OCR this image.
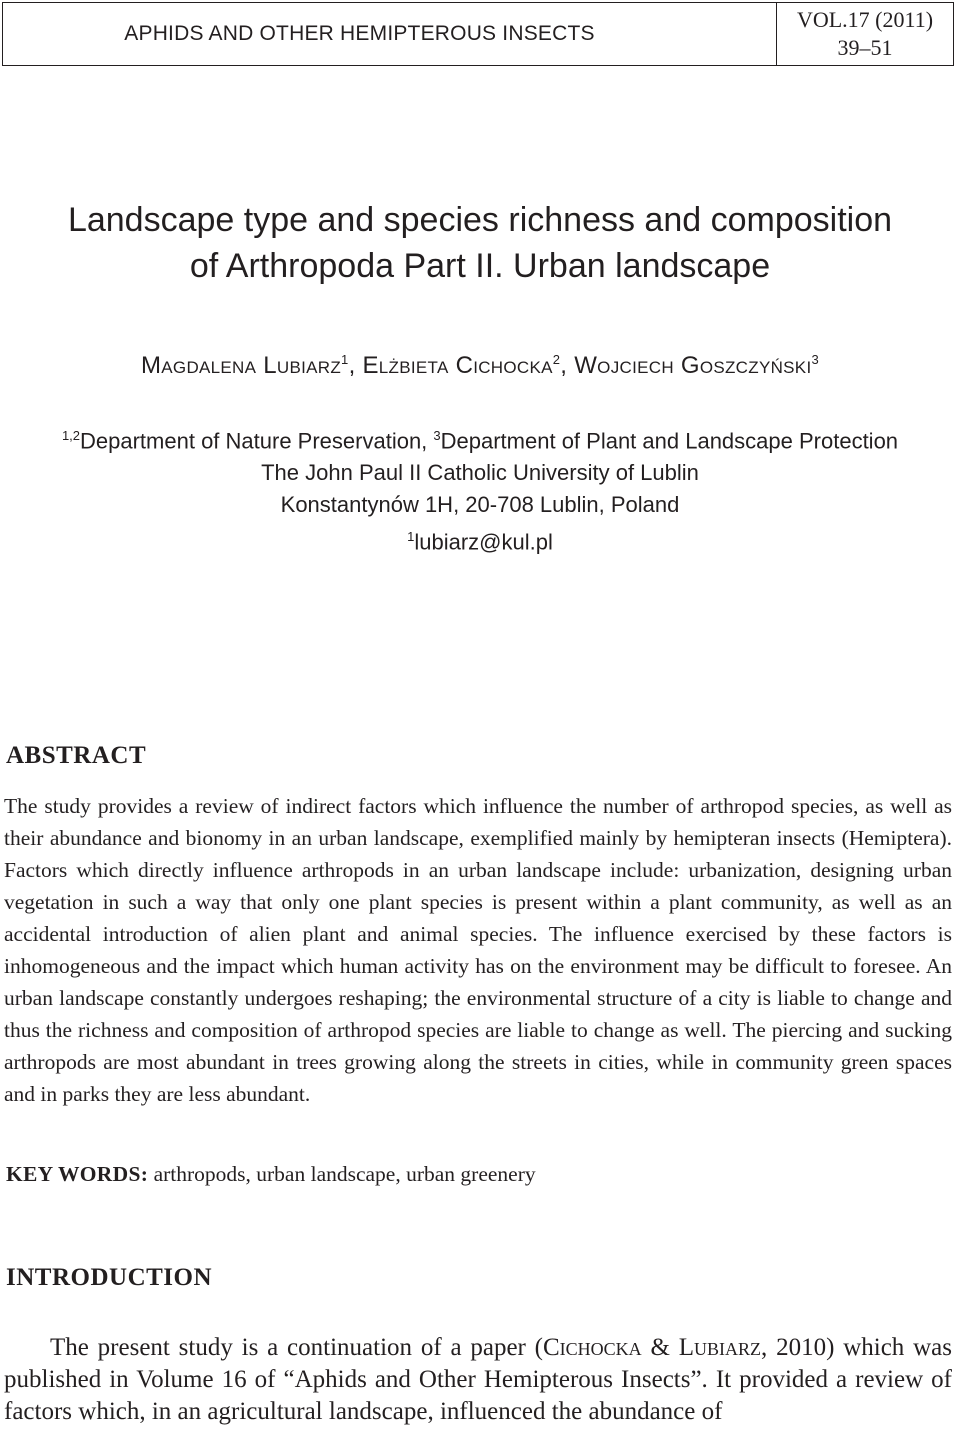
APHIDS AND OTHER HEMIPTEROUS INSECTS
VOL.17 (2011)
39–51
Landscape type and species richness and composition
of Arthropoda Part II. Urban landscape
Magdalena Lubiarz$^1$, Elżbieta Cichocka$^2$, Wojciech Goszczyński$^3$
$^{1,2}$Department of Nature Preservation, $^3$Department of Plant and Landscape Protection
The John Paul II Catholic University of Lublin
Konstantynów 1H, 20-708 Lublin, Poland
$^1$lubiarz@kul.pl
ABSTRACT

The study provides a review of indirect factors which influence the number of arthropod species, as well as their abundance and bionomy in an urban landscape, exemplified mainly by hemipteran insects (Hemiptera). Factors which directly influence arthropods in an urban landscape include: urbanization, designing urban vegetation in such a way that only one plant species is present within a plant community, as well as an accidental introduction of alien plant and animal species. The influence exercised by these factors is inhomogeneous and the impact which human activity has on the environment may be difficult to foresee. An urban landscape constantly undergoes reshaping; the environmental structure of a city is liable to change and thus the richness and composition of arthropod species are liable to change as well. The piercing and sucking arthropods are most abundant in trees growing along the streets in cities, while in community green spaces and in parks they are less abundant.

KEY WORDS: arthropods, urban landscape, urban greenery
INTRODUCTION

The present study is a continuation of a paper (Cichocka & Lubiarz, 2010) which was published in Volume 16 of “Aphids and Other Hemipterous Insects”. It provided a review of factors which, in an agricultural landscape, influenced the abundance of
